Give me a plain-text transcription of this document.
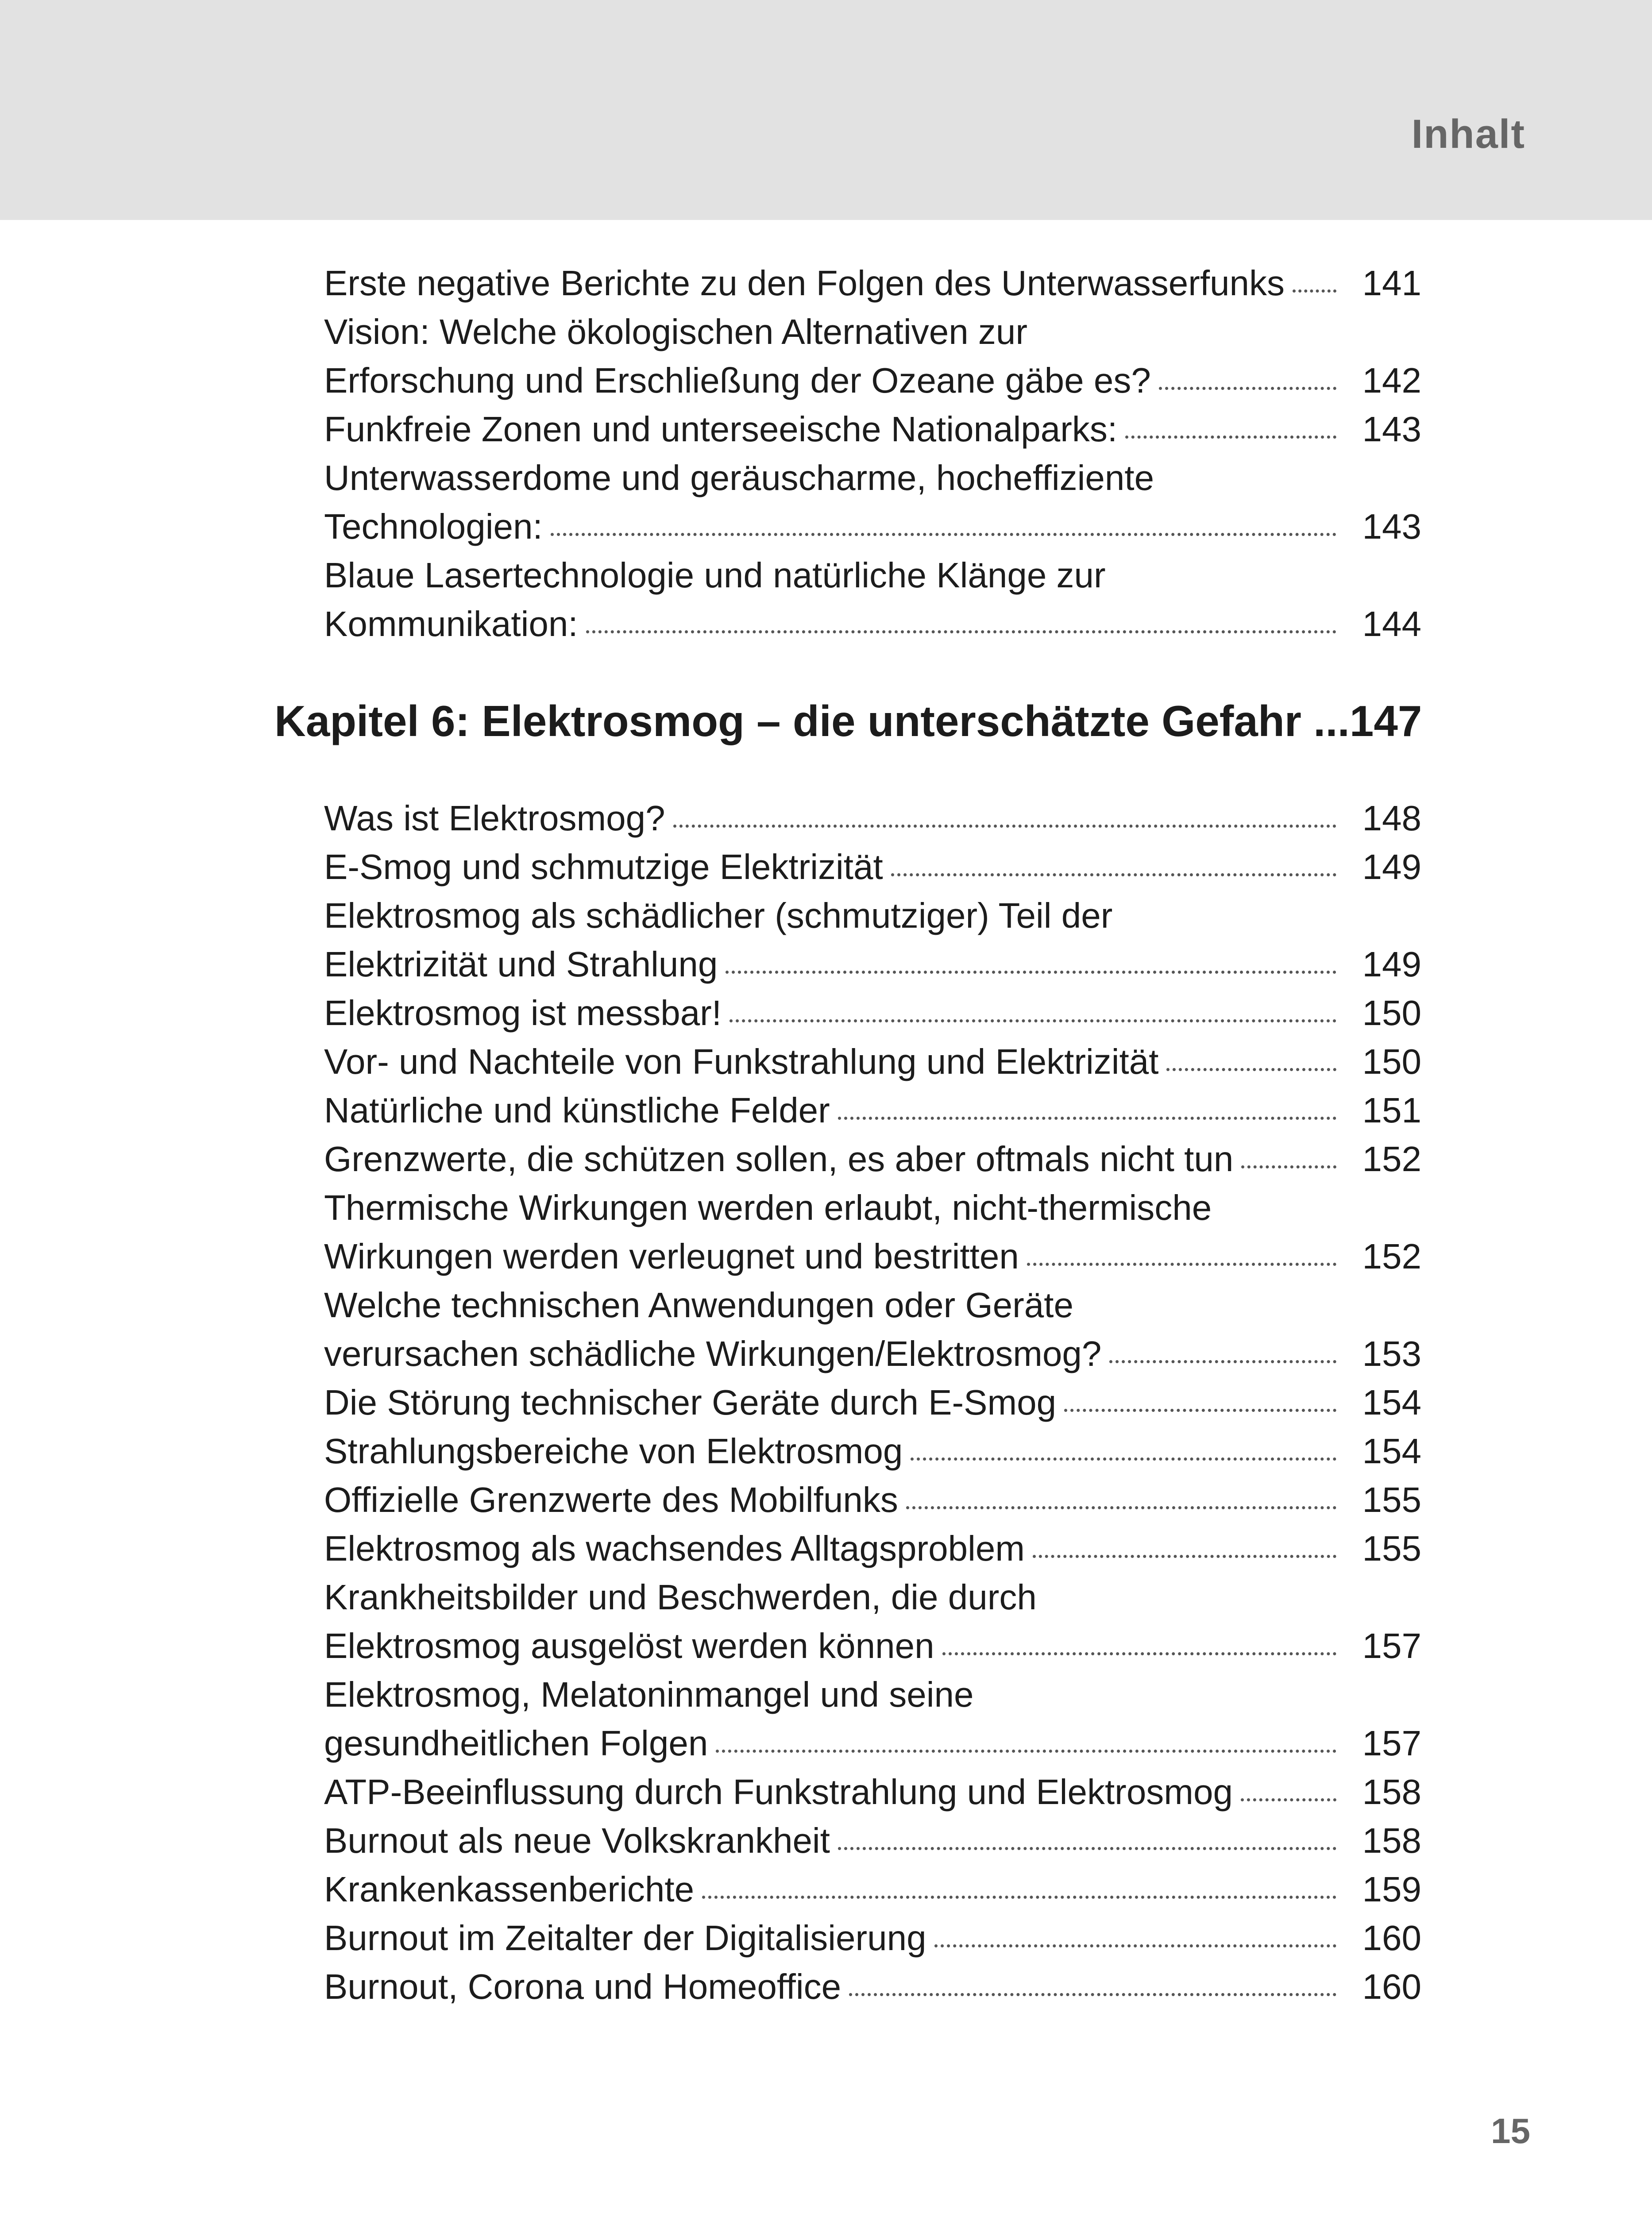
Inhalt
Erste negative Berichte zu den Folgen des Unterwasserfunks 141
Vision: Welche ökologischen Alternativen zur
Erforschung und Erschließung der Ozeane gäbe es?	142
Funkfreie Zonen und unterseeische Nationalparks:	143
Unterwasserdome und geräuscharme, hocheffiziente
Technologien:	143
Blaue Lasertechnologie und natürliche Klänge zur
Kommunikation:	144
Kapitel 6: Elektrosmog – die unterschätzte Gefahr ... 147
Was ist Elektrosmog?	148
E-Smog und schmutzige Elektrizität	149
Elektrosmog als schädlicher (schmutziger) Teil der
Elektrizität und Strahlung	149
Elektrosmog ist messbar!	150
Vor- und Nachteile von Funkstrahlung und Elektrizität	150
Natürliche und künstliche Felder	151
Grenzwerte, die schützen sollen, es aber oftmals nicht tun	152
Thermische Wirkungen werden erlaubt, nicht-thermische
Wirkungen werden verleugnet und bestritten	152
Welche technischen Anwendungen oder Geräte
verursachen schädliche Wirkungen/Elektrosmog?	153
Die Störung technischer Geräte durch E-Smog	154
Strahlungsbereiche von Elektrosmog	154
Offizielle Grenzwerte des Mobilfunks	155
Elektrosmog als wachsendes Alltagsproblem	155
Krankheitsbilder und Beschwerden, die durch
Elektrosmog ausgelöst werden können	157
Elektrosmog, Melatoninmangel und seine
gesundheitlichen Folgen	157
ATP-Beeinflussung durch Funkstrahlung und Elektrosmog	158
Burnout als neue Volkskrankheit	158
Krankenkassenberichte	159
Burnout im Zeitalter der Digitalisierung	160
Burnout, Corona und Homeoffice	160
15
